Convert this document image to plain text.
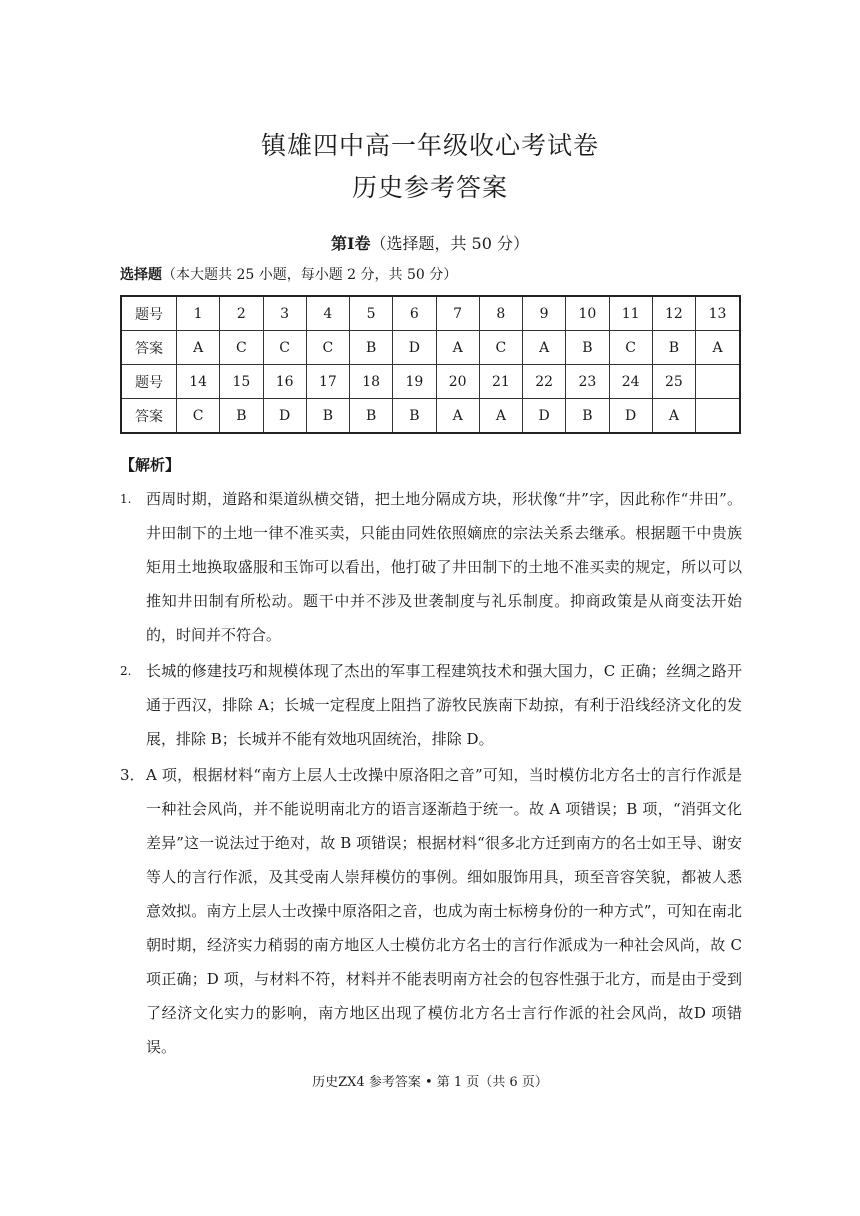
镇雄四中高一年级收心考试卷
历史参考答案
第Ⅰ卷（选择题，共 50 分）
选择题（本大题共 25 小题，每小题 2 分，共 50 分）
题号	1	2	3	4	5	6	7	8	9	10	11	12	13
答案	A	C	C	C	B	D	A	C	A	B	C	B	A
题号	14	15	16	17	18	19	20	21	22	23	24	25	
答案	C	B	D	B	B	B	A	A	D	B	D	A	
【解析】
1. 西周时期，道路和渠道纵横交错，把土地分隔成方块，形状像“井”字，因此称作“井田”。井田制下的土地一律不准买卖，只能由同姓依照嫡庶的宗法关系去继承。根据题干中贵族矩用土地换取盛服和玉饰可以看出，他打破了井田制下的土地不准买卖的规定，所以可以推知井田制有所松动。题干中并不涉及世袭制度与礼乐制度。抑商政策是从商变法开始的，时间并不符合。
2. 长城的修建技巧和规模体现了杰出的军事工程建筑技术和强大国力，C 正确；丝绸之路开通于西汉，排除 A；长城一定程度上阻挡了游牧民族南下劫掠，有利于沿线经济文化的发展，排除 B；长城并不能有效地巩固统治，排除 D。
3． A 项，根据材料“南方上层人士改操中原洛阳之音”可知，当时模仿北方名士的言行作派是一种社会风尚，并不能说明南北方的语言逐渐趋于统一。故 A 项错误；B 项，“消弭文化差异”这一说法过于绝对，故 B 项错误；根据材料“很多北方迁到南方的名士如王导、谢安等人的言行作派，及其受南人崇拜模仿的事例。细如服饰用具，顼至音容笑貌，都被人悉意效拟。南方上层人士改操中原洛阳之音，也成为南士标榜身份的一种方式”，可知在南北朝时期，经济实力稍弱的南方地区人士模仿北方名士的言行作派成为一种社会风尚，故 C 项正确；D 项，与材料不符，材料并不能表明南方社会的包容性强于北方，而是由于受到了经济文化实力的影响，南方地区出现了模仿北方名士言行作派的社会风尚，故D 项错误。
历史ZX4 参考答案 • 第 1 页（共 6 页）
